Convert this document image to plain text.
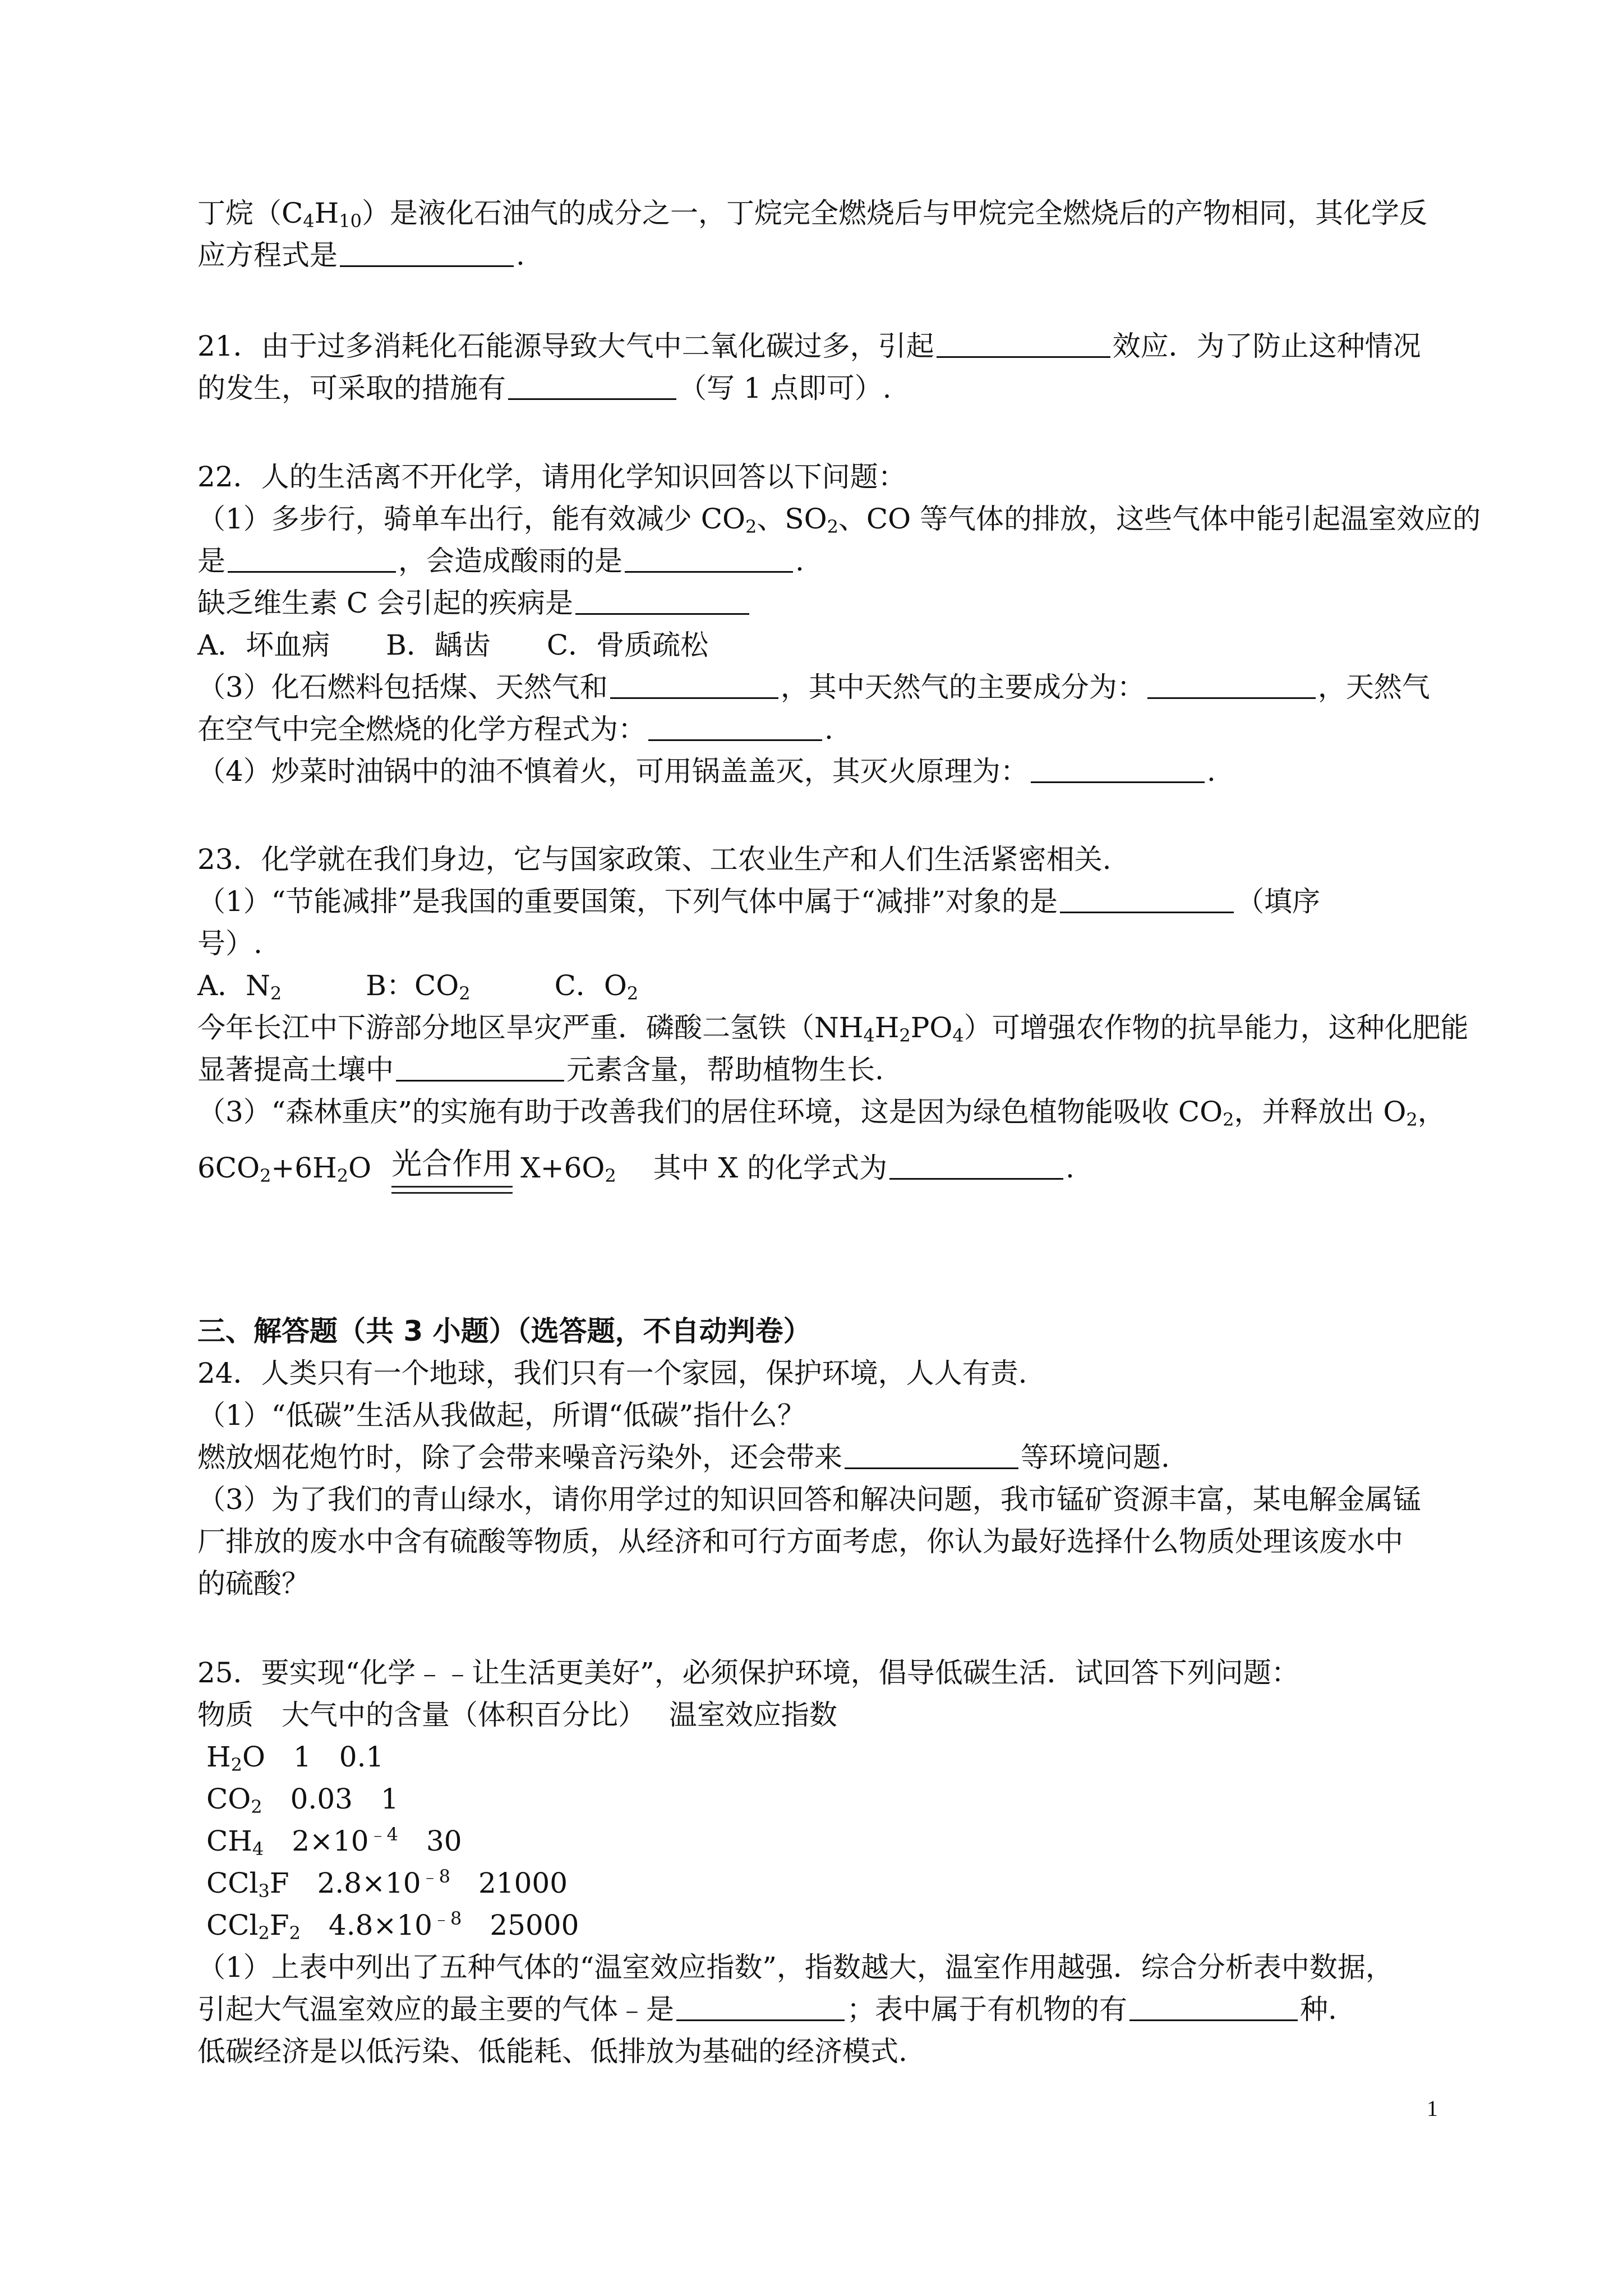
丁烷$(C_4H_{10})$是液化石油气的成分之一，丁烷完全燃烧后与甲烷完全燃烧后的产物相同，其化学反
应方程式是	.
21．由于过多消耗化石能源导致大气中二氧化碳过多，引起	效应．为了防止这种情况
的发生，可采取的措施有	（写 1 点即可）.
22．人的生活离不开化学，请用化学知识回答以下问题：
（1）多步行，骑单车出行，能有效减少 $CO_2$、$SO_2$、CO 等气体的排放，这些气体中能引起温室效应的
是	，会造成酸雨的是	.
缺乏维生素 C 会引起的疾病是
A．坏血病　　B．龋齿　　C．骨质疏松
（3）化石燃料包括煤、天然气和	，其中天然气的主要成分为：	，天然气
在空气中完全燃烧的化学方程式为：	.
（4）炒菜时油锅中的油不慎着火，可用锅盖盖灭，其灭火原理为：	.
23．化学就在我们身边，它与国家政策、工农业生产和人们生活紧密相关.
（1）“节能减排”是我国的重要国策，下列气体中属于“减排”对象的是	（填序
号）.
A．$N_2$　　　B：$CO_2$　　　C．$O_2$
今年长江中下游部分地区旱灾严重．磷酸二氢铁$(NH_4H_2PO_4)$可增强农作物的抗旱能力，这种化肥能
显著提高土壤中	元素含量，帮助植物生长.
（3）“森林重庆”的实施有助于改善我们的居住环境，这是因为绿色植物能吸收 $CO_2$，并释放出 $O_2$，
$6CO_2+6H_2O$ 光合作用 $X+6O_2$　 其中 X 的化学式为	.
三、解答题（共 3 小题）（选答题，不自动判卷）
24．人类只有一个地球，我们只有一个家园，保护环境，人人有责.
（1）“低碳”生活从我做起，所谓“低碳”指什么？
燃放烟花炮竹时，除了会带来噪音污染外，还会带来	等环境问题.
（3）为了我们的青山绿水，请你用学过的知识回答和解决问题，我市锰矿资源丰富，某电解金属锰
厂排放的废水中含有硫酸等物质，从经济和可行方面考虑，你认为最好选择什么物质处理该废水中
的硫酸？
25．要实现“化学﹣﹣让生活更美好”，必须保护环境，倡导低碳生活．试回答下列问题：
物质　大气中的含量（体积百分比）　 温室效应指数
$H_2O$　1　0.1
$CO_2$　0.03　1
$CH_4$　$2\times 10^{﹣4}$　30
CCl$_3$F　$2.8\times 10^{﹣8}$　21000
$CCl_2F_2$　$4.8\times 10^{﹣8}$　25000
（1）上表中列出了五种气体的“温室效应指数”，指数越大，温室作用越强．综合分析表中数据，
引起大气温室效应的最主要的气体﹣是	；表中属于有机物的有	种.
低碳经济是以低污染、低能耗、低排放为基础的经济模式.
1
